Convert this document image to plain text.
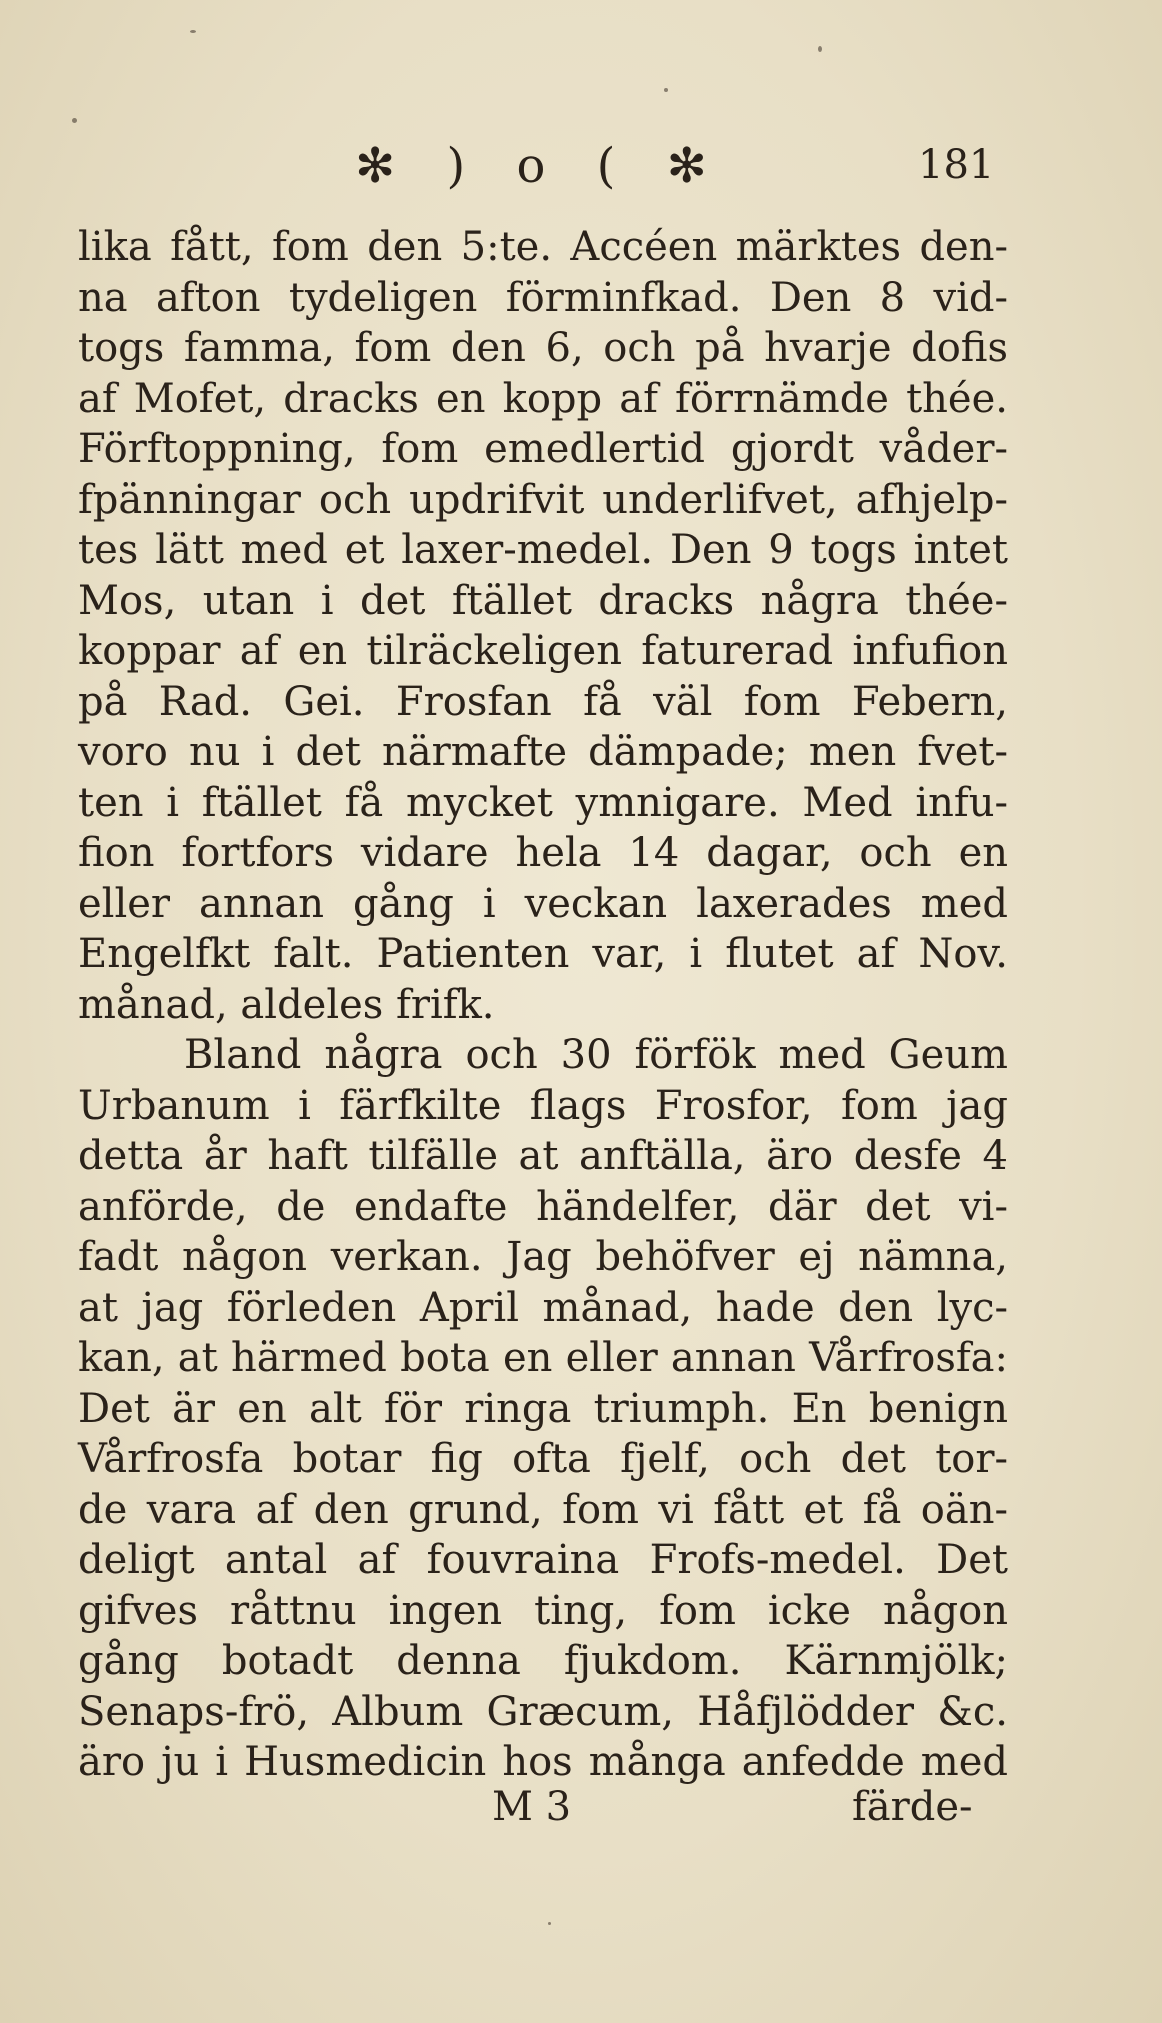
✻ ) o ( ✻	181
lika fått, fom den 5:te. Accéen märktes den-
na afton tydeligen förminfkad. Den 8 vid-
togs famma, fom den 6, och på hvarje dofis
af Mofet, dracks en kopp af förrnämde thée.
Förftoppning, fom emedlertid gjordt våder-
fpänningar och updrifvit underlifvet, afhjelp-
tes lätt med et laxer-medel. Den 9 togs intet
Mos, utan i det ftället dracks några thée-
koppar af en tilräckeligen faturerad infufion
på Rad. Gei. Frosfan få väl fom Febern,
voro nu i det närmafte dämpade; men fvet-
ten i ftället få mycket ymnigare. Med infu-
fion fortfors vidare hela 14 dagar, och en
eller annan gång i veckan laxerades med
Engelfkt falt. Patienten var, i flutet af Nov.
månad, aldeles frifk.
Bland några och 30 förfök med Geum
Urbanum i färfkilte flags Frosfor, fom jag
detta år haft tilfälle at anftälla, äro desfe 4
anförde, de endafte händelfer, där det vi-
fadt någon verkan. Jag behöfver ej nämna,
at jag förleden April månad, hade den lyc-
kan, at härmed bota en eller annan Vårfrosfa:
Det är en alt för ringa triumph. En benign
Vårfrosfa botar fig ofta fjelf, och det tor-
de vara af den grund, fom vi fått et få oän-
deligt antal af fouvraina Frofs-medel. Det
gifves råttnu ingen ting, fom icke någon
gång botadt denna fjukdom. Kärnmjölk;
Senaps-frö, Album Græcum, Håfjlödder &c.
äro ju i Husmedicin hos många anfedde med
M 3	färde-
